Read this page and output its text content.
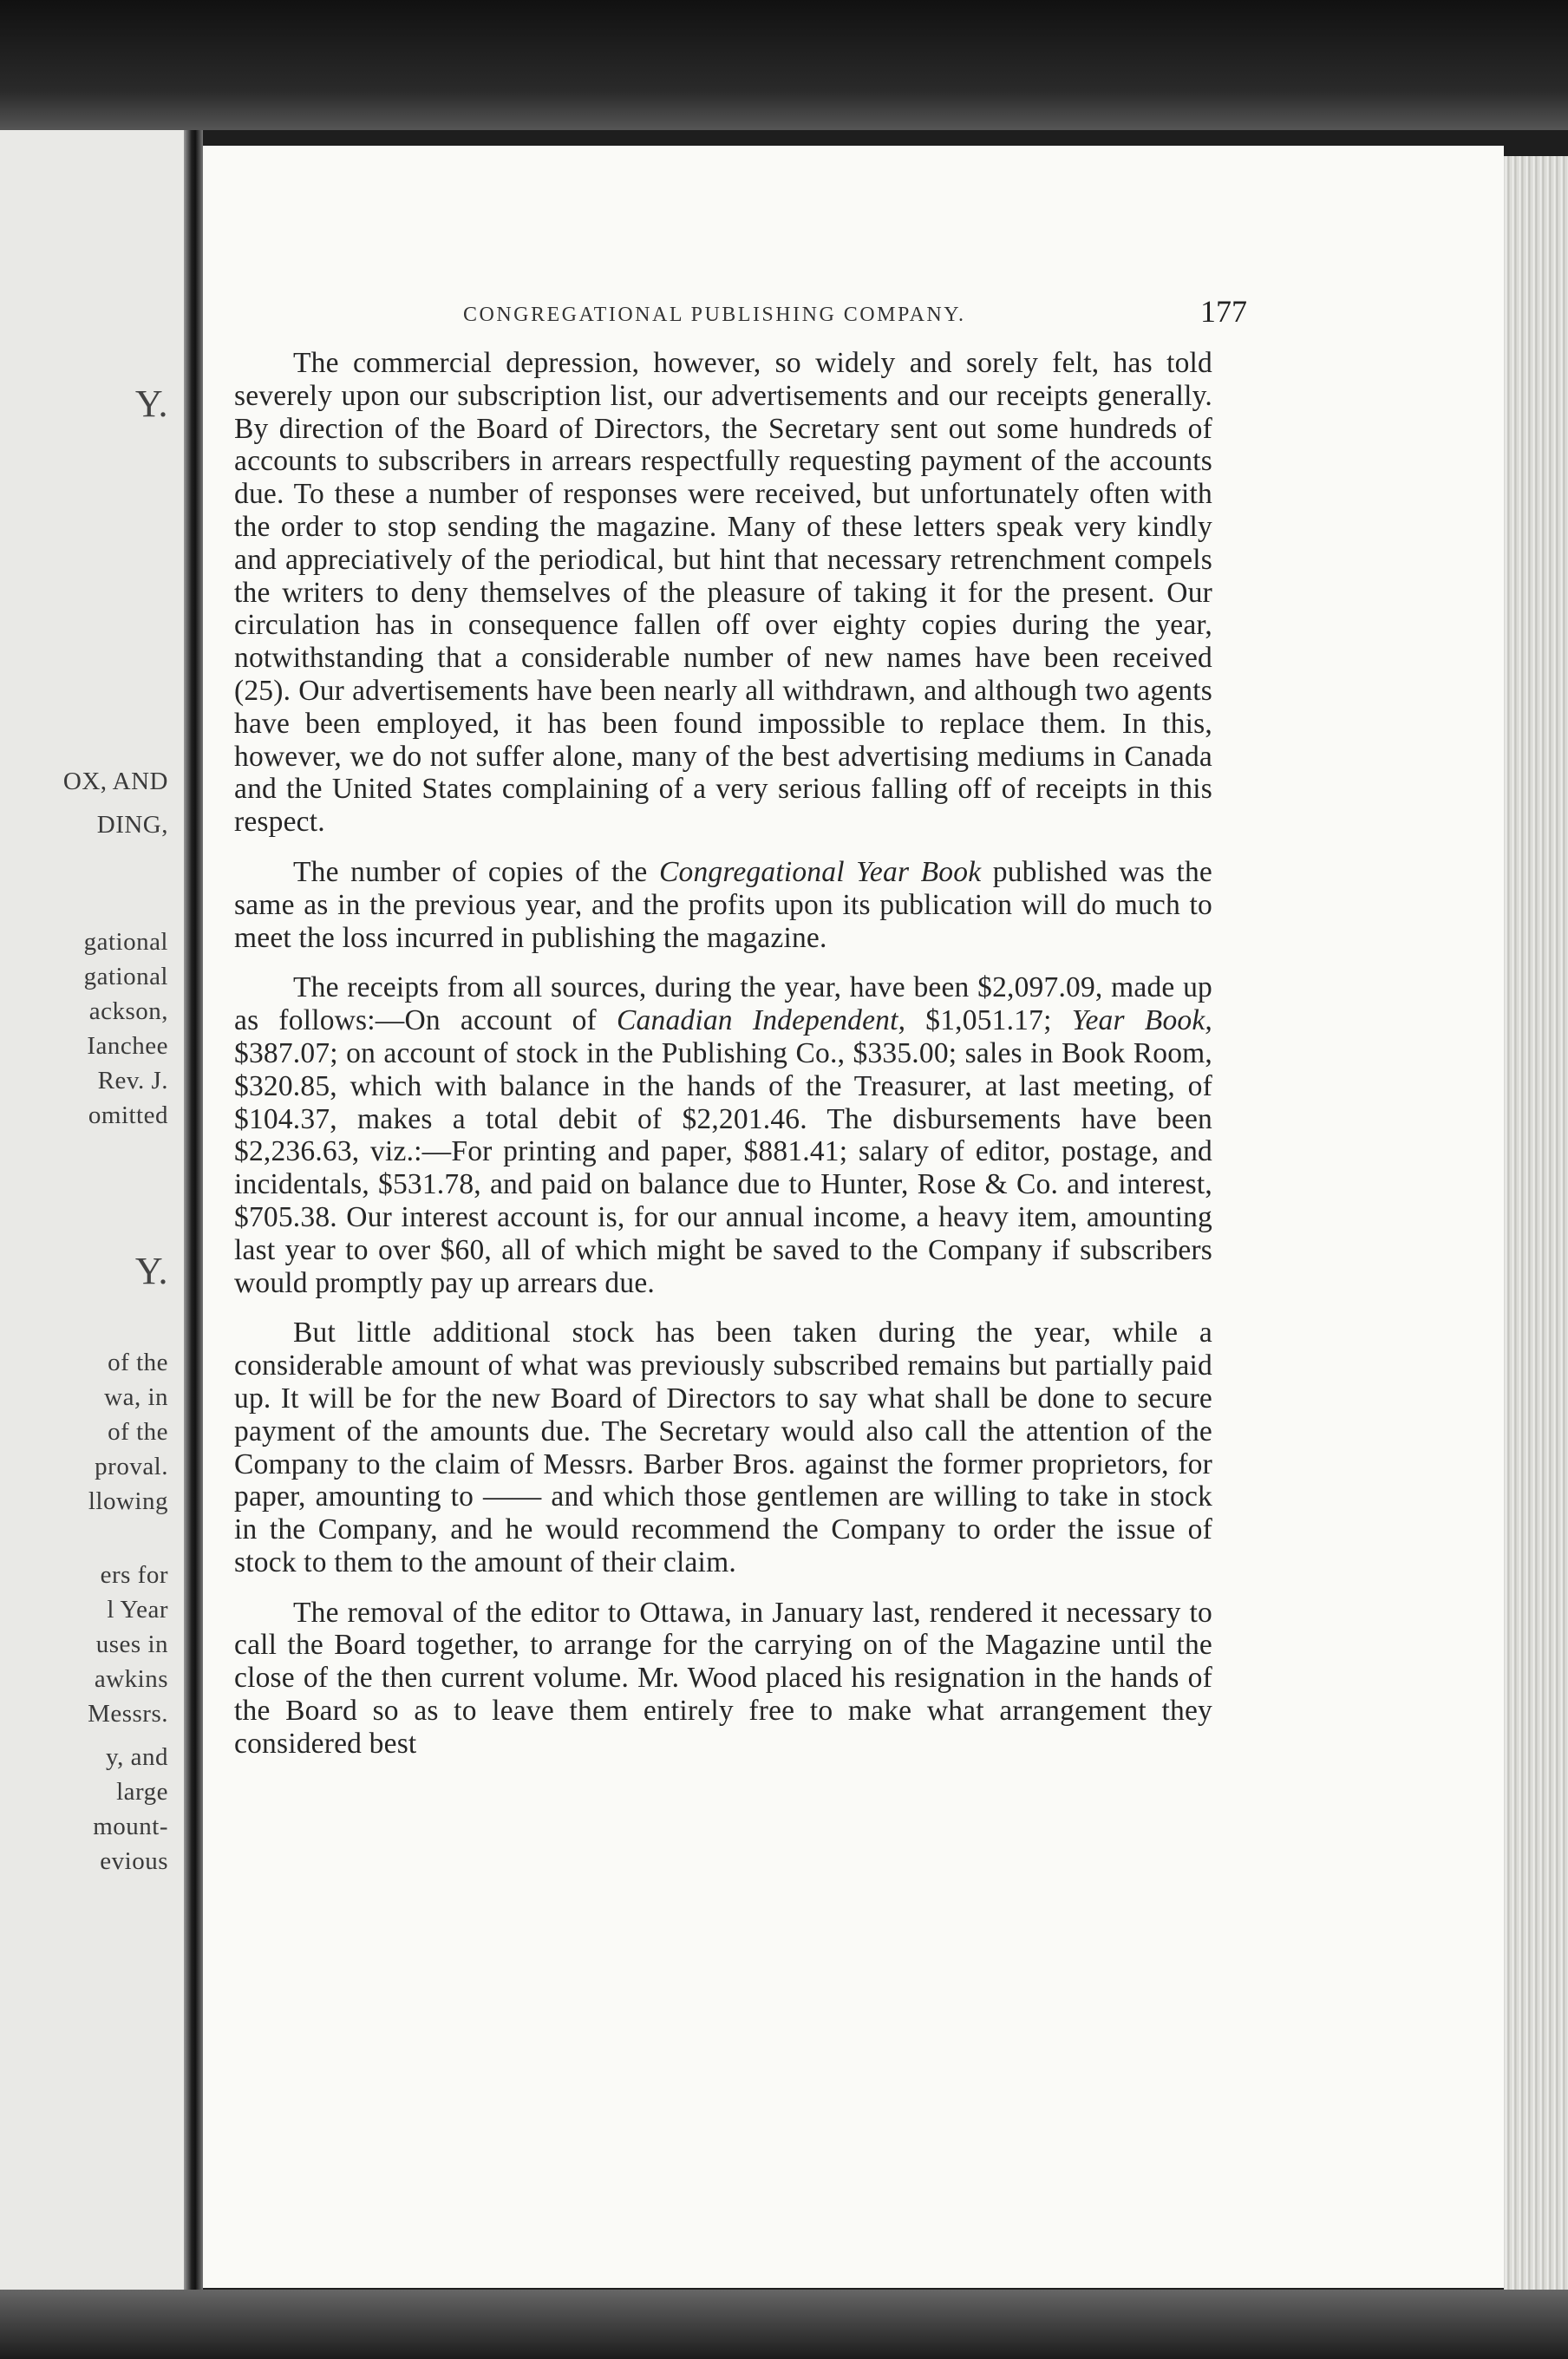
Y.
OX, AND
DING,
gational
gational
ackson,
Ianchee
Rev. J.
omitted
Y.
of the
wa, in
of the
proval.
llowing
ers for
l Year
uses in
awkins
Messrs.
y, and
large
mount-
evious
CONGREGATIONAL PUBLISHING COMPANY.	177

The commercial depression, however, so widely and sorely felt, has told severely upon our subscription list, our advertisements and our receipts generally. By direction of the Board of Directors, the Secretary sent out some hundreds of accounts to subscribers in arrears respectfully requesting payment of the accounts due. To these a number of responses were received, but unfortunately often with the order to stop sending the magazine. Many of these letters speak very kindly and appreciatively of the periodical, but hint that necessary retrenchment compels the writers to deny themselves of the pleasure of taking it for the present. Our circulation has in consequence fallen off over eighty copies during the year, notwithstanding that a considerable number of new names have been received (25). Our advertisements have been nearly all withdrawn, and although two agents have been employed, it has been found impossible to replace them. In this, however, we do not suffer alone, many of the best advertising mediums in Canada and the United States complaining of a very serious falling off of receipts in this respect.

The number of copies of the Congregational Year Book published was the same as in the previous year, and the profits upon its publication will do much to meet the loss incurred in publishing the magazine.

The receipts from all sources, during the year, have been $2,097.09, made up as follows:—On account of Canadian Independent, $1,051.17; Year Book, $387.07; on account of stock in the Publishing Co., $335.00; sales in Book Room, $320.85, which with balance in the hands of the Treasurer, at last meeting, of $104.37, makes a total debit of $2,201.46. The disbursements have been $2,236.63, viz.:—For printing and paper, $881.41; salary of editor, postage, and incidentals, $531.78, and paid on balance due to Hunter, Rose & Co. and interest, $705.38. Our interest account is, for our annual income, a heavy item, amounting last year to over $60, all of which might be saved to the Company if subscribers would promptly pay up arrears due.

But little additional stock has been taken during the year, while a considerable amount of what was previously subscribed remains but partially paid up. It will be for the new Board of Directors to say what shall be done to secure payment of the amounts due. The Secretary would also call the attention of the Company to the claim of Messrs. Barber Bros. against the former proprietors, for paper, amounting to —— and which those gentlemen are willing to take in stock in the Company, and he would recommend the Company to order the issue of stock to them to the amount of their claim.

The removal of the editor to Ottawa, in January last, rendered it necessary to call the Board together, to arrange for the carrying on of the Magazine until the close of the then current volume. Mr. Wood placed his resignation in the hands of the Board so as to leave them entirely free to make what arrangement they considered best
